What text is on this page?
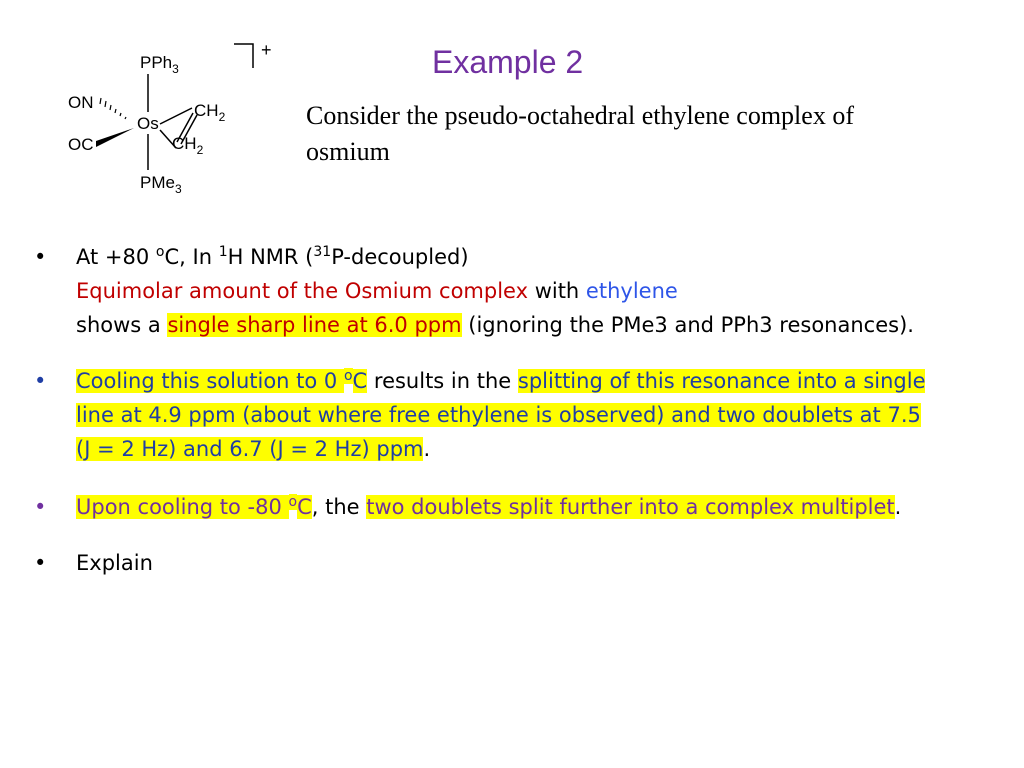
PPh$_3$
Os
ON
OC
$CH_2$
$CH_2$
PMe$_3$
+	Example 2
Consider the pseudo-octahedral ethylene complex of osmium
• At +80 $^o$C, In $^1$H NMR ($^{31}$P-decoupled)
Equimolar amount of the Osmium complex with ethylene
shows a single sharp line at 6.0 ppm (ignoring the PMe3 and PPh3 resonances).
• Cooling this solution to 0 $^o$C results in the splitting of this resonance into a single line at 4.9 ppm (about where free ethylene is observed) and two doublets at 7.5 (J = 2 Hz) and 6.7 (J = 2 Hz) ppm.
• Upon cooling to -80 $^o$C, the two doublets split further into a complex multiplet.
• Explain
